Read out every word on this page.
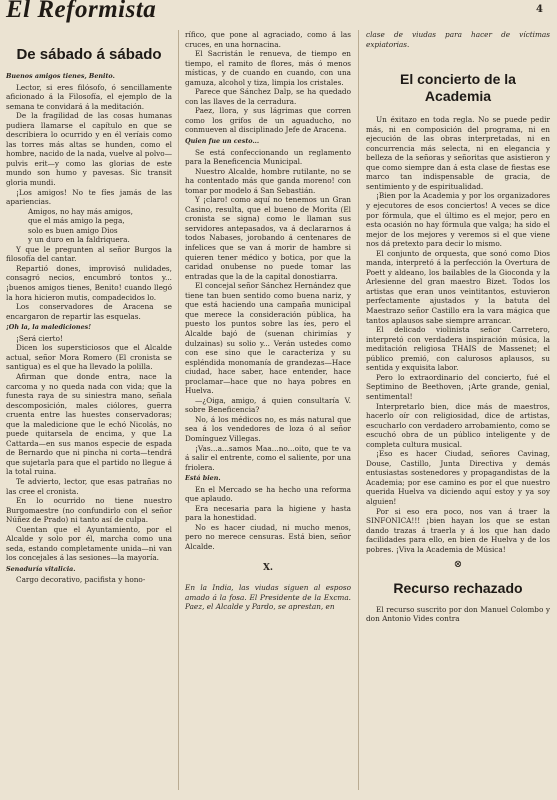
El Reformista	4
De sábado á sábado

Buenos amigos tienes, Benito.

Lector, si eres filósofo, ó sencillamente aficionado á la Filosofía, el ejemplo de la semana te convidará á la meditación.

De la fragilidad de las cosas humanas pudiera llamarse el capítulo en que se describiera lo ocurrido y en él veríais como las torres más altas se hunden, como el hombre, nacido de la nada, vuelve al polvo—pulvis erit—y como las glorias de este mundo son humo y pavesas. Sic transit gloria mundi.

¡Los amigos! No te fíes jamás de las apariencias.

Amigos, no hay más amigos,

que el más amigo la pega,

solo es buen amigo Dios

y un duro en la faldriquera.

Y que le pregunten al señor Burgos la filosofía del cantar.

Repartió dones, improvisó nulidades, consagró necios, encumbró tontos y... ¡buenos amigos tienes, Benito! cuando llegó la hora hicieron mutis, compadecidos lo.

Los conservadores de Aracena se encargaron de repartir las esquelas.

¡Oh la, la malediciones!

¡Será cierto!

Dicen los supersticiosos que el Alcalde actual, señor Mora Romero (El cronista se santigua) es el que ha llevado la polilla.

Afirman que donde entra, nace la carcoma y no queda nada con vida; que la funesta raya de su siniestra mano, señala descomposición, males ciólores, guerra cruenta entre las huestes conservadoras; que la maledicione que le echó Nicolás, no puede quitarsela de encima, y que La Cattarda—en sus manos especie de espada de Bernardo que ni pincha ni corta—tendrá que sujetarla para que el partido no llegue á la total ruina.

Te advierto, lector, que esas patrañas no las cree el cronista.

En lo ocurrido no tiene nuestro Burgomaestre (no confundirlo con el señor Núñez de Prado) ni tanto así de culpa.

Cuentan que el Ayuntamiento, por el Alcalde y solo por él, marcha como una seda, estando completamente unida—ni van los concejales á las sesiones—la mayoría.

Senaduría vitalicia.

Cargo decorativo, pacifista y hono-

rífico, que pone al agraciado, como á las cruces, en una hornacina.

El Sacristán le renueva, de tiempo en tiempo, el ramito de flores, más ó menos místicas, y de cuando en cuando, con una gamuza, alcohol y tiza, limpia los cristales.

Parece que Sánchez Dalp, se ha quedado con las llaves de la cerradura.

Paez, llora, y sus lágrimas que corren como los grifos de un aguaducho, no conmueven al disciplinado Jefe de Aracena.

Quien fue un cesto...

Se está confeccionando un reglamento para la Beneficencia Municipal.

Nuestro Alcalde, hombre rutilante, no se ha contentado más que ganda moreno! con tomar por modelo á San Sebastián.

Y ¡claro! como aquí no tenemos un Gran Casino, resulta, que el bueno de Morita (El cronista se signa) como le llaman sus servidores antepasados, va á declararnos á todos Nabases, jorobando á centenares de infelices que se van á morir de hambre si quieren tener médico y botica, por que la caridad onubense no puede tomar las entradas que la de la capital donostiarra.

El concejal señor Sánchez Hernández que tiene tan buen sentido como buena nariz, y que está haciendo una campaña municipal que merece la consideración pública, ha puesto los puntos sobre las íes, pero el Alcalde bajó de (suenan chirimías y dulzainas) su solio y... Verán ustedes como con ese sino que le caracteriza y su espléndida monomanía de grandezas—Hace ciudad, hace saber, hace entender, hace proclamar—hace que no haya pobres en Huelva.

—¿Oiga, amigo, á quien consultaría V. sobre Beneficencia?

No, á los médicos no, es más natural que sea á los vendedores de loza ó al señor Domínguez Villegas.

¡Vas...a...samos Maa...no...oito, que te va á salir el entrente, como el saliente, por una friolera.

Está bien.

En el Mercado se ha hecho una reforma que aplaudo.

Era necesaria para la higiene y hasta para la honestidad.

No es hacer ciudad, ni mucho menos, pero no merece censuras. Está bien, señor Alcalde.

X.

En la India, las viudas siguen al esposo amado á la fosa. El Presidente de la Excma. Paez, el Alcalde y Pardo, se aprestan, en

clase de viudas para hacer de víctimas expiatorias.

El concierto de la Academia

Un éxitazo en toda regla. No se puede pedir más, ni en composición del programa, ni en ejecución de las obras interpretadas, ni en concurrencia más selecta, ni en elegancia y belleza de la señoras y señoritas que asistieron y que como siempre dan á esta clase de fiestas ese marco tan indispensable de gracia, de sentimiento y de espiritualidad.

¡Bien por la Academia y por los organizadores y ejecutores de esos conciertos! A veces se dice por fórmula, que el último es el mejor, pero en esta ocasión no hay fórmula que valga; ha sido el mejor de los mejores y veremos si el que viene nos dá pretexto para decir lo mismo.

El conjunto de orquesta, que sonó como Dios manda, interpretó á la perfección la Overtura de Poett y aldeano, los bailables de la Gioconda y la Arlesienne del gran maestro Bizet. Todos los artistas que eran unos veintitantos, estuvieron perfectamente ajustados y la batuta del Maestrazo señor Castillo era la vara mágica que tantos aplausos sabe siempre arrancar.

El delicado violinista señor Carretero, interpretó con verdadera inspiración música, la meditación religiosa THAIS de Massenet; el público premió, con calurosos aplausos, su sentida y exquisita labor.

Pero lo extraordinario del concierto, fué el Septimino de Beethoven, ¡Arte grande, genial, sentimental!

Interpretarlo bien, dice más de maestros, hacerlo oír con religiosidad, dice de artistas, escucharlo con verdadero arrobamiento, como se escuchó obra de un público inteligente y de completa cultura musical.

¡Eso es hacer Ciudad, señores Cavinag, Douse, Castillo, Junta Directiva y demás entusiastas sostenedores y propagandistas de la Academia; por ese camino es por el que nuestro querida Huelva va diciendo aquí estoy y ya soy alguien!

Por si eso era poco, nos van á traer la SINFONICA!!! ¡bien hayan los que se estan dando trazas á traerla y á los que han dado facilidades para ello, en bien de Huelva y de los pobres. ¡Viva la Academia de Música!

⊗
Recurso rechazado

El recurso suscrito por don Manuel Colombo y don Antonio Vides contra
